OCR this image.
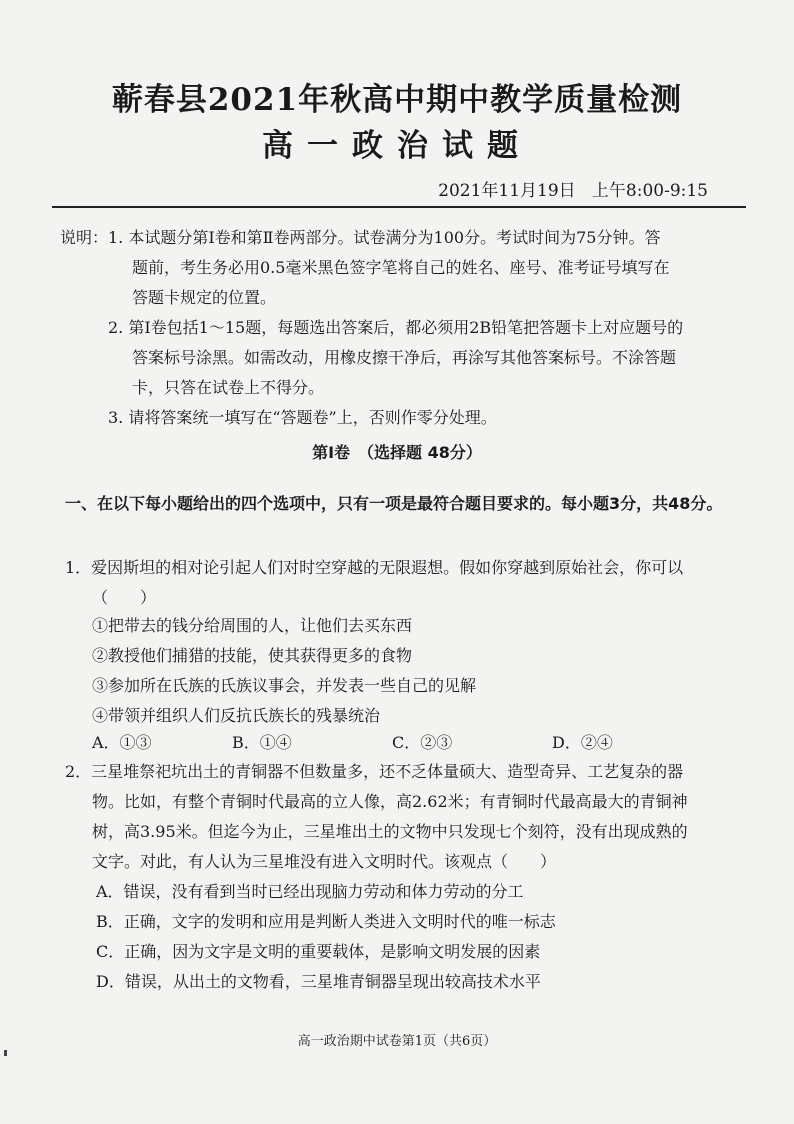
蕲春县2021年秋高中期中教学质量检测
高一政治试题
2021年11月19日   上午8:00-9:15
说明： 1. 本试题分第Ⅰ卷和第Ⅱ卷两部分。试卷满分为100分。考试时间为75分钟。答
题前，考生务必用0.5毫米黑色签字笔将自己的姓名、座号、准考证号填写在
答题卡规定的位置。
2. 第Ⅰ卷包括1～15题，每题选出答案后，都必须用2B铅笔把答题卡上对应题号的
答案标号涂黑。如需改动，用橡皮擦干净后，再涂写其他答案标号。不涂答题
卡，只答在试卷上不得分。
3. 请将答案统一填写在“答题卷”上，否则作零分处理。
第Ⅰ卷　（选择题 48分）
一、在以下每小题给出的四个选项中，只有一项是最符合题目要求的。每小题3分，共48分。
1．爱因斯坦的相对论引起人们对时空穿越的无限遐想。假如你穿越到原始社会，你可以
（　　）
①把带去的钱分给周围的人，让他们去买东西
②教授他们捕猎的技能，使其获得更多的食物
③参加所在氏族的氏族议事会，并发表一些自己的见解
④带领并组织人们反抗氏族长的残暴统治
A．①③	B．①④	C．②③	D．②④
2．三星堆祭祀坑出土的青铜器不但数量多，还不乏体量硕大、造型奇异、工艺复杂的器
物。比如，有整个青铜时代最高的立人像，高2.62米；有青铜时代最高最大的青铜神
树，高3.95米。但迄今为止，三星堆出土的文物中只发现七个刻符，没有出现成熟的
文字。对此，有人认为三星堆没有进入文明时代。该观点（　　）
A．错误，没有看到当时已经出现脑力劳动和体力劳动的分工
B．正确，文字的发明和应用是判断人类进入文明时代的唯一标志
C．正确，因为文字是文明的重要载体，是影响文明发展的因素
D．错误，从出土的文物看，三星堆青铜器呈现出较高技术水平
高一政治期中试卷第1页（共6页）
